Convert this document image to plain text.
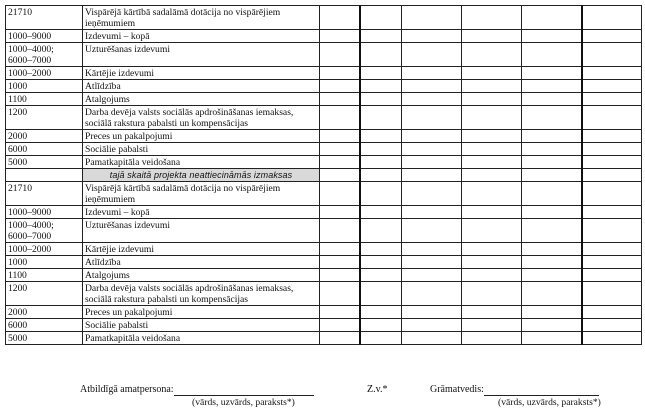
21710	Vispārējā kārtībā sadalāmā dotācija no vispārējiem ieņēmumiem						
1000–9000	Izdevumi – kopā						
1000–4000;
6000–7000	Uzturēšanas izdevumi						
1000–2000	Kārtējie izdevumi						
1000	Atlīdzība						
1100	Atalgojums						
1200	Darba devēja valsts sociālās apdrošināšanas iemaksas, sociālā rakstura pabalsti un kompensācijas						
2000	Preces un pakalpojumi						
6000	Sociālie pabalsti						
5000	Pamatkapitāla veidošana						
	tajā skaitā projekta neattiecināmās izmaksas						
21710	Vispārējā kārtībā sadalāmā dotācija no vispārējiem ieņēmumiem						
1000–9000	Izdevumi – kopā						
1000–4000;
6000–7000	Uzturēšanas izdevumi						
1000–2000	Kārtējie izdevumi						
1000	Atlīdzība						
1100	Atalgojums						
1200	Darba devēja valsts sociālās apdrošināšanas iemaksas, sociālā rakstura pabalsti un kompensācijas						
2000	Preces un pakalpojumi						
6000	Sociālie pabalsti						
5000	Pamatkapitāla veidošana						
Atbildīgā amatpersona:
(vārds, uzvārds, paraksts*)
Z.v.*	Grāmatvedis:
(vārds, uzvārds, paraksts*)
